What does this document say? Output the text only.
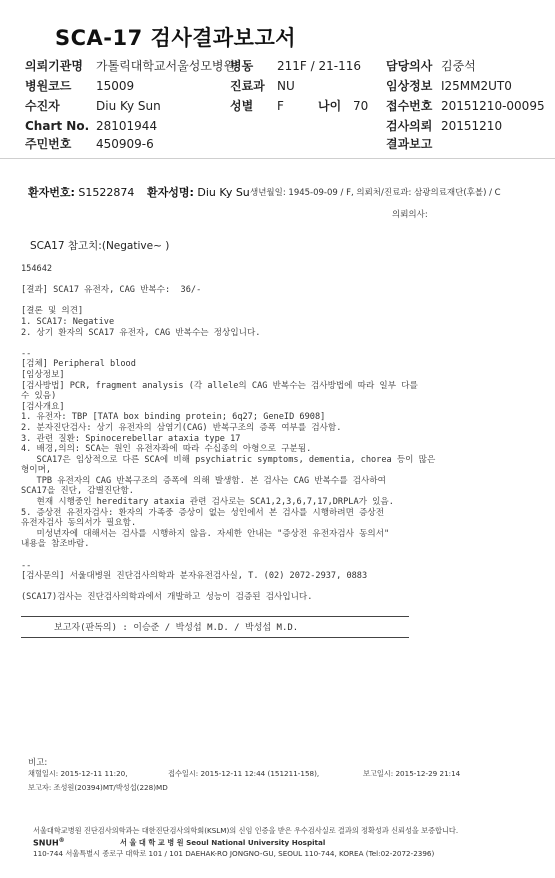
SCA-17 검사결과보고서
의뢰기관명 가톨릭대학교서울성모병원
병동 211F / 21-116 담당의사 김중석
병원코드 15009	진료과 NU	임상정보 I25MM2UT0
수진자	Diu Ky Sun	성별 F	나이 70 접수번호 20151210-00095
Chart No. 28101944	검사의뢰 20151210
주민번호 450909-6	결과보고
환자번호: S1522874 환자성명: Diu Ky Su 생년월일: 1945-09-09 / F, 의뢰처/진료과: 삼광의료재단(후볼) / C
의뢰의사:
SCA17 참고치:(Negative~ )
154642
[결과] SCA17 유전자, CAG 반복수:  36/-
[결론 및 의견]
1. SCA17: Negative
2. 상기 환자의 SCA17 유전자, CAG 반복수는 정상입니다.
--
[검체] Peripheral blood
[임상정보]
[검사방법] PCR, fragment analysis (각 allele의 CAG 반복수는 검사방법에 따라 일부 다를
수 있음)
[검사개요]
1. 유전자: TBP [TATA box binding protein; 6q27; GeneID 6908]
2. 분자진단검사: 상기 유전자의 삼염기(CAG) 반복구조의 증폭 여부를 검사함.
3. 관련 질환: Spinocerebellar ataxia type 17
4. 배경,의의: SCA는 원인 유전자좌에 따라 수십종의 아형으로 구분됨.
SCA17은 임상적으로 다른 SCA에 비해 psychiatric symptoms, dementia, chorea 등이 많은
형이며,
TPB 유전자의 CAG 반복구조의 증폭에 의해 발생함. 본 검사는 CAG 반복수를 검사하여
SCA17을 진단, 감별진단함.
현재 시행중인 hereditary ataxia 관련 검사로는 SCA1,2,3,6,7,17,DRPLA가 있음.
5. 증상전 유전자검사: 환자의 가족중 증상이 없는 성인에서 본 검사를 시행하려면 증상전
유전자검사 동의서가 필요함.
미성년자에 대해서는 검사를 시행하지 않음. 자세한 안내는 "증상전 유전자검사 동의서"
내용을 참조바람.
--
[검사문의] 서울대병원 진단검사의학과 분자유전검사실, T. (02) 2072-2937, 0883
(SCA17)검사는 진단검사의학과에서 개발하고 성능이 검증된 검사입니다.
보고자(판독의) : 이승준 / 박성섭 M.D. / 박성섭 M.D.
비고:
채혈일시: 2015-12-11 11:20,	접수일시: 2015-12-11 12:44 (151211-158),	보고일시: 2015-12-29 21:14
보고자: 조성원(20394)MT/박성섭(228)MD
서울대학교병원 진단검사의학과는 대한진단검사의학회(KSLM)의 신임 인증을 받은 우수검사실로 결과의 정확성과 신뢰성을 보증합니다.
SNUH®	서 울 대 학 교 병 원 Seoul National University Hospital
110-744 서울특별시 종로구 대학로 101 / 101 DAEHAK-RO JONGNO-GU, SEOUL 110-744, KOREA (Tel:02-2072-2396)
